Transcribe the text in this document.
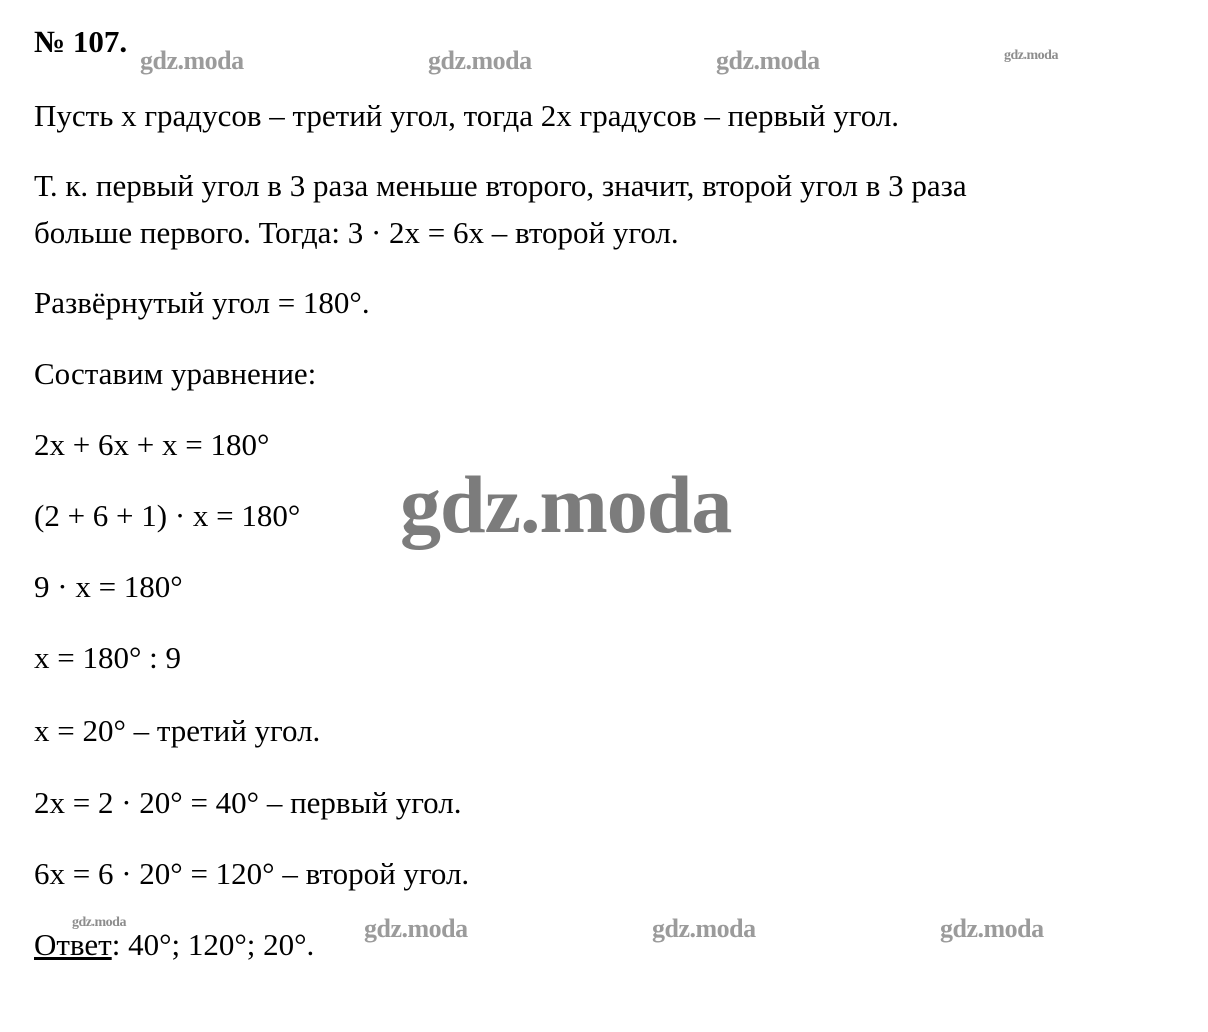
№ 107.
Пусть x градусов – третий угол, тогда 2x градусов – первый угол.
Т. к. первый угол в 3 раза меньше второго, значит, второй угол в 3 раза
больше первого. Тогда: 3 · 2x = 6x – второй угол.
Развёрнутый угол = 180°.
Составим уравнение:
2x + 6x + x = 180°
(2 + 6 + 1) · x = 180°
9 · x = 180°
x = 180° : 9
x = 20° – третий угол.
2x = 2 · 20° = 40° – первый угол.
6x = 6 · 20° = 120° – второй угол.
Ответ: 40°; 120°; 20°.
gdz.moda	gdz.moda	gdz.moda	gdz.moda
gdz.moda
gdz.moda	gdz.moda	gdz.moda	gdz.moda
